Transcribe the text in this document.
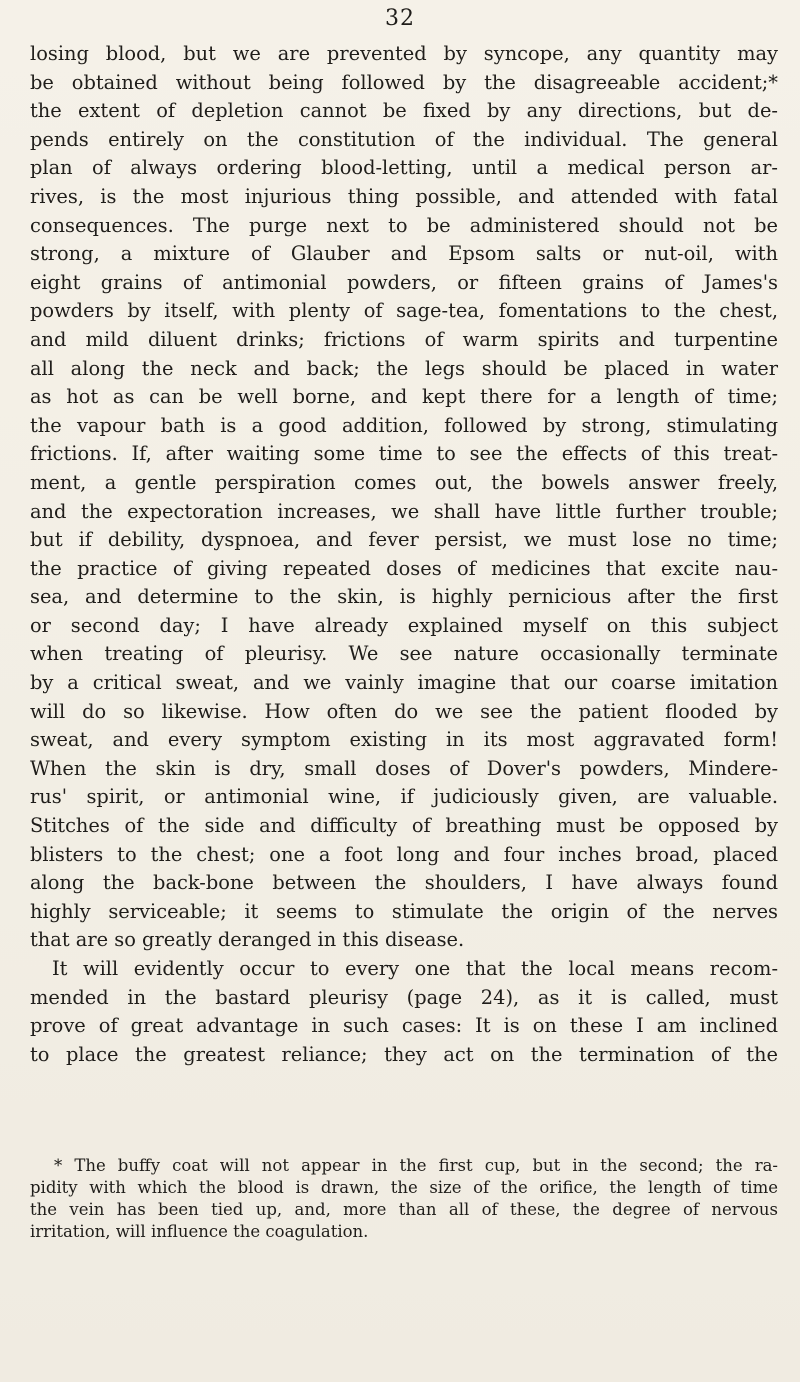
32
losing blood, but we are prevented by syncope, any quantity may
be obtained without being followed by the disagreeable accident;*
the extent of depletion cannot be fixed by any directions, but de-
pends entirely on the constitution of the individual. The general
plan of always ordering blood-letting, until a medical person ar-
rives, is the most injurious thing possible, and attended with fatal
consequences. The purge next to be administered should not be
strong, a mixture of Glauber and Epsom salts or nut-oil, with
eight grains of antimonial powders, or fifteen grains of James's
powders by itself, with plenty of sage-tea, fomentations to the chest,
and mild diluent drinks; frictions of warm spirits and turpentine
all along the neck and back; the legs should be placed in water
as hot as can be well borne, and kept there for a length of time;
the vapour bath is a good addition, followed by strong, stimulating
frictions. If, after waiting some time to see the effects of this treat-
ment, a gentle perspiration comes out, the bowels answer freely,
and the expectoration increases, we shall have little further trouble;
but if debility, dyspnoea, and fever persist, we must lose no time;
the practice of giving repeated doses of medicines that excite nau-
sea, and determine to the skin, is highly pernicious after the first
or second day; I have already explained myself on this subject
when treating of pleurisy. We see nature occasionally terminate
by a critical sweat, and we vainly imagine that our coarse imitation
will do so likewise. How often do we see the patient flooded by
sweat, and every symptom existing in its most aggravated form!
When the skin is dry, small doses of Dover's powders, Mindere-
rus' spirit, or antimonial wine, if judiciously given, are valuable.
Stitches of the side and difficulty of breathing must be opposed by
blisters to the chest; one a foot long and four inches broad, placed
along the back-bone between the shoulders, I have always found
highly serviceable; it seems to stimulate the origin of the nerves
that are so greatly deranged in this disease.
It will evidently occur to every one that the local means recom-
mended in the bastard pleurisy (page 24), as it is called, must
prove of great advantage in such cases: It is on these I am inclined
to place the greatest reliance; they act on the termination of the
* The buffy coat will not appear in the first cup, but in the second; the ra-
pidity with which the blood is drawn, the size of the orifice, the length of time
the vein has been tied up, and, more than all of these, the degree of nervous
irritation, will influence the coagulation.
